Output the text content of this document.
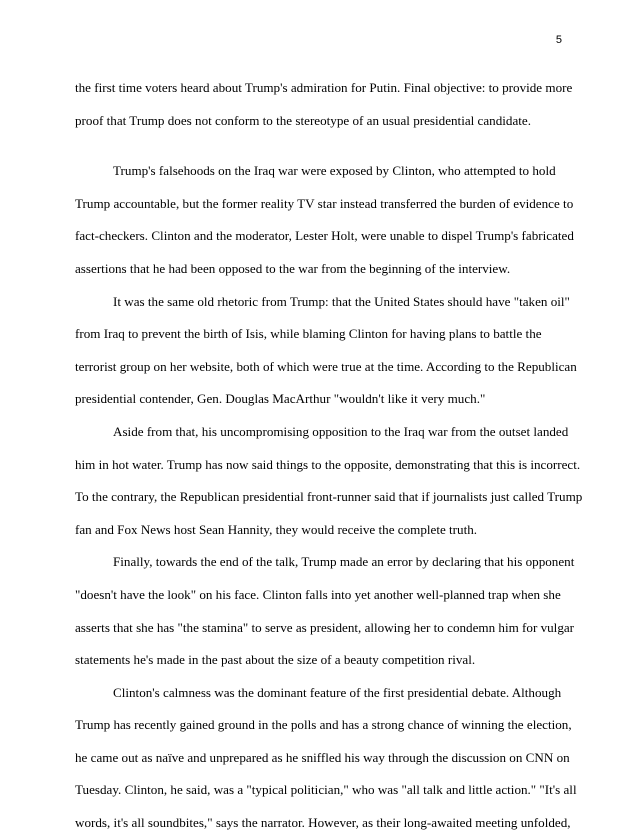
5
the first time voters heard about Trump's admiration for Putin. Final objective: to provide more
proof that Trump does not conform to the stereotype of an usual presidential candidate.
Trump's falsehoods on the Iraq war were exposed by Clinton, who attempted to hold
Trump accountable, but the former reality TV star instead transferred the burden of evidence to
fact-checkers. Clinton and the moderator, Lester Holt, were unable to dispel Trump's fabricated
assertions that he had been opposed to the war from the beginning of the interview.
It was the same old rhetoric from Trump: that the United States should have "taken oil"
from Iraq to prevent the birth of Isis, while blaming Clinton for having plans to battle the
terrorist group on her website, both of which were true at the time. According to the Republican
presidential contender, Gen. Douglas MacArthur "wouldn't like it very much."
Aside from that, his uncompromising opposition to the Iraq war from the outset landed
him in hot water. Trump has now said things to the opposite, demonstrating that this is incorrect.
To the contrary, the Republican presidential front-runner said that if journalists just called Trump
fan and Fox News host Sean Hannity, they would receive the complete truth.
Finally, towards the end of the talk, Trump made an error by declaring that his opponent
"doesn't have the look" on his face. Clinton falls into yet another well-planned trap when she
asserts that she has "the stamina" to serve as president, allowing her to condemn him for vulgar
statements he's made in the past about the size of a beauty competition rival.
Clinton's calmness was the dominant feature of the first presidential debate. Although
Trump has recently gained ground in the polls and has a strong chance of winning the election,
he came out as naïve and unprepared as he sniffled his way through the discussion on CNN on
Tuesday. Clinton, he said, was a "typical politician," who was "all talk and little action." "It's all
words, it's all soundbites," says the narrator. However, as their long-awaited meeting unfolded,
